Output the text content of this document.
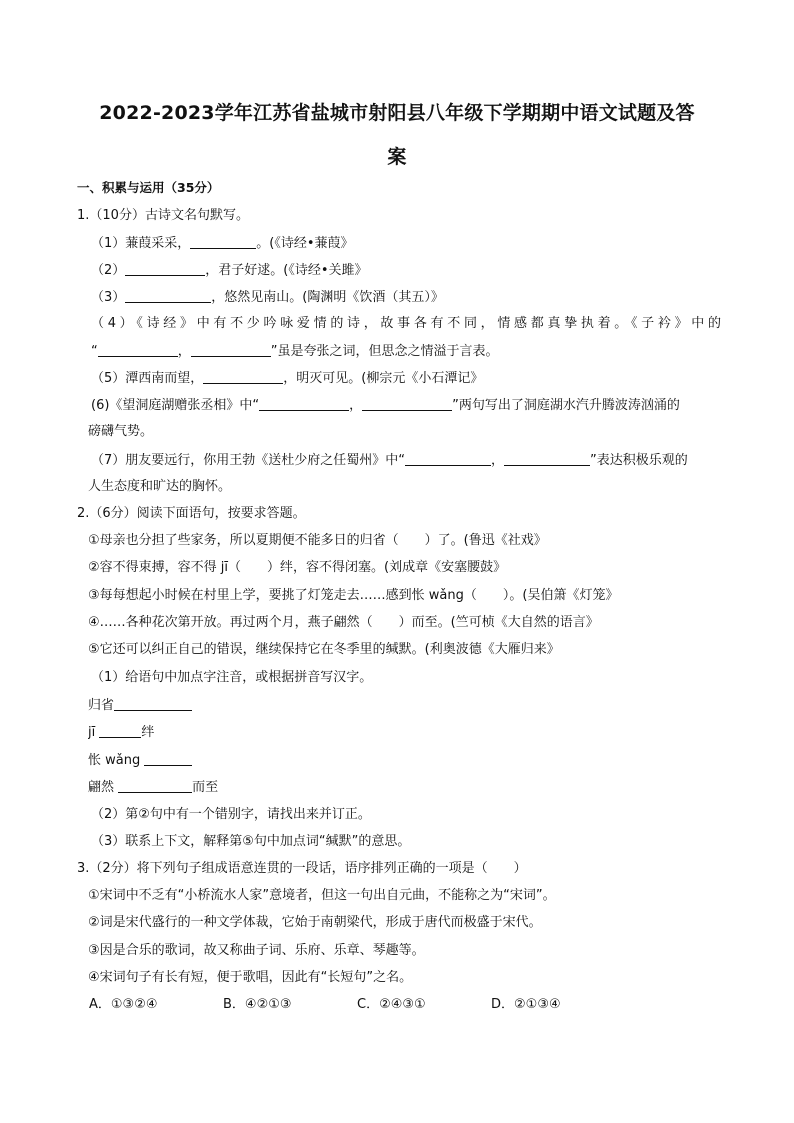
2022-2023学年江苏省盐城市射阳县八年级下学期期中语文试题及答
案
一、积累与运用（35分）
1.（10分）古诗文名句默写。
（1）蒹葭采采，	。(《诗经•蒹葭》
（2）	，君子好逑。(《诗经•关雎》
（3）	，悠然见南山。(陶渊明《饮酒（其五）》
（4）《诗经》中有不少吟咏爱情的诗，故事各有不同，情感都真挚执着。《子衿》中的
“	，	”虽是夸张之词，但思念之情溢于言表。
（5）潭西南而望，	，明灭可见。(柳宗元《小石潭记》
(6)《望洞庭湖赠张丞相》中“	，	”两句写出了洞庭湖水汽升腾波涛汹涌的
磅礴气势。
（7）朋友要远行，你用王勃《送杜少府之任蜀州》中“	，	”表达积极乐观的
人生态度和旷达的胸怀。
2.（6分）阅读下面语句，按要求答题。
①母亲也分担了些家务，所以夏期便不能多日的归省（　　）了。(鲁迅《社戏》
②容不得束搏，容不得 jī（　　）绊，容不得闭塞。(刘成章《安塞腰鼓》
③每每想起小时候在村里上学，要挑了灯笼走去……感到怅 wǎng（　　）。(吴伯箫《灯笼》
④……各种花次第开放。再过两个月，燕子翩然（　　）而至。(竺可桢《大自然的语言》
⑤它还可以纠正自己的错误，继续保持它在冬季里的缄默。(利奥波德《大雁归来》
（1）给语句中加点字注音，或根据拼音写汉字。
归省
jī	绊
怅 wǎng
翩然	而至
（2）第②句中有一个错别字，请找出来并订正。
（3）联系上下文，解释第⑤句中加点词“缄默”的意思。
3.（2分）将下列句子组成语意连贯的一段话，语序排列正确的一项是（　　）
①宋词中不乏有“小桥流水人家”意境者，但这一句出自元曲，不能称之为“宋词”。
②词是宋代盛行的一种文学体裁，它始于南朝梁代，形成于唐代而极盛于宋代。
③因是合乐的歌词，故又称曲子词、乐府、乐章、琴趣等。
④宋词句子有长有短，便于歌唱，因此有“长短句”之名。
A．①③②④	B．④②①③	C．②④③①	D．②①③④
